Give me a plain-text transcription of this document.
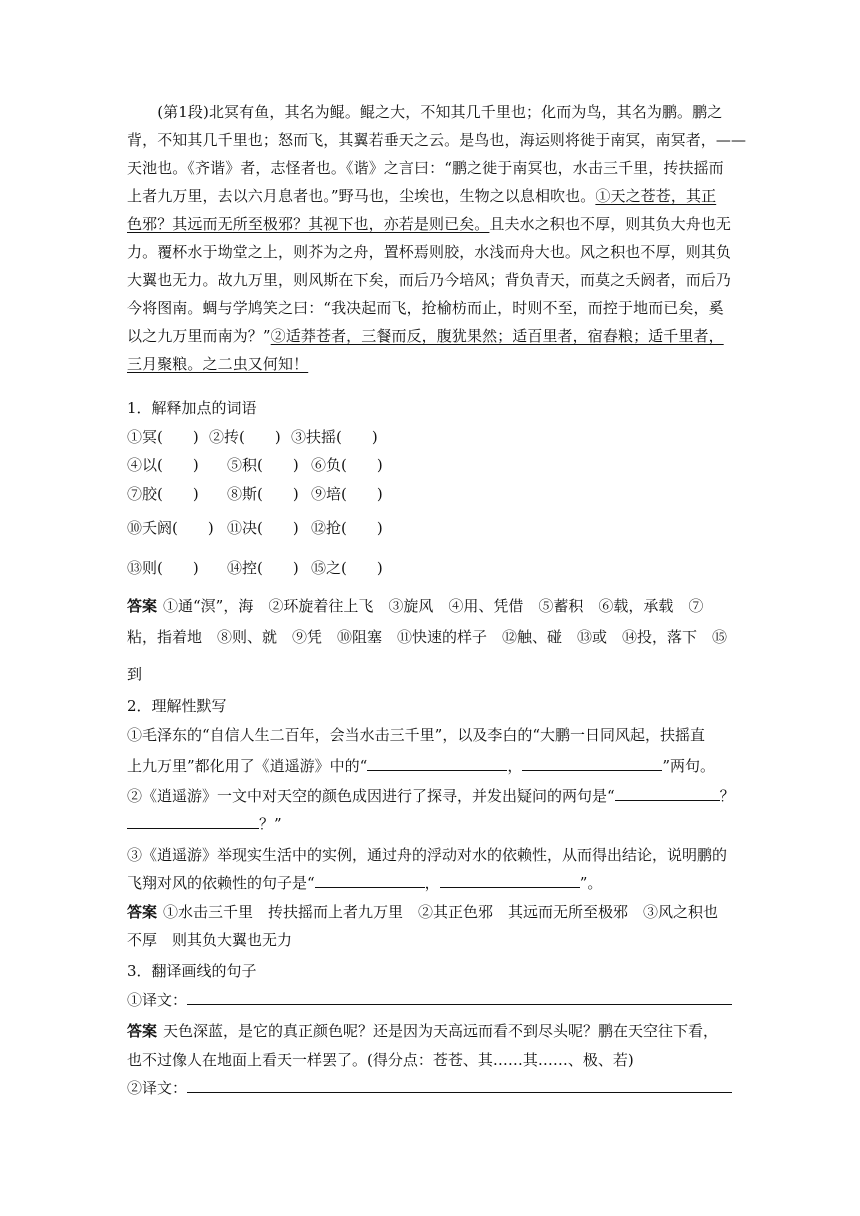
　　(第1段)北冥有鱼，其名为鲲。鲲之大，不知其几千里也；化而为鸟，其名为鹏。鹏之
背，不知其几千里也；怒而飞，其翼若垂天之云。是鸟也，海运则将徙于南冥，南冥者，——
天池也。《齐谐》者，志怪者也。《谐》之言曰：“鹏之徙于南冥也，水击三千里，抟扶摇而
上者九万里，去以六月息者也。”野马也，尘埃也，生物之以息相吹也。①天之苍苍，其正
色邪？其远而无所至极邪？其视下也，亦若是则已矣。且夫水之积也不厚，则其负大舟也无
力。覆杯水于坳堂之上，则芥为之舟，置杯焉则胶，水浅而舟大也。风之积也不厚，则其负
大翼也无力。故九万里，则风斯在下矣，而后乃今培风；背负青天，而莫之夭阏者，而后乃
今将图南。蜩与学鸠笑之曰：“我决起而飞，抢榆枋而止，时则不至，而控于地而已矣，奚
以之九万里而南为？”②适莽苍者，三餐而反，腹犹果然；适百里者，宿舂粮；适千里者，
三月聚粮。之二虫又何知！
1．解释加点的词语
①冥(　　) ②抟(　　) ③扶摇(　　)
④以(　　) ⑤积(　　) ⑥负(　　)
⑦胶(　　) ⑧斯(　　) ⑨培(　　)
⑩夭阏(　　) ⑪决(　　) ⑫抢(　　)
⑬则(　　) ⑭控(　　) ⑮之(　　)
答案 ①通“溟”，海　②环旋着往上飞　③旋风　④用、凭借　⑤蓄积　⑥载，承载　⑦
粘，指着地　⑧则、就　⑨凭　⑩阻塞　⑪快速的样子　⑫触、碰　⑬或　⑭投，落下　⑮
到
2．理解性默写
①毛泽东的“自信人生二百年，会当水击三千里”，以及李白的“大鹏一日同风起，扶摇直
上九万里”都化用了《逍遥游》中的“	，	”两句。
②《逍遥游》一文中对天空的颜色成因进行了探寻，并发出疑问的两句是“	？
？”
③《逍遥游》举现实生活中的实例，通过舟的浮动对水的依赖性，从而得出结论，说明鹏的
飞翔对风的依赖性的句子是“	，	”。
答案 ①水击三千里　抟扶摇而上者九万里　②其正色邪　其远而无所至极邪　③风之积也
不厚　则其负大翼也无力
3．翻译画线的句子
①译文：
答案 天色深蓝，是它的真正颜色呢？还是因为天高远而看不到尽头呢？鹏在天空往下看，
也不过像人在地面上看天一样罢了。(得分点：苍苍、其……其……、极、若)
②译文：
